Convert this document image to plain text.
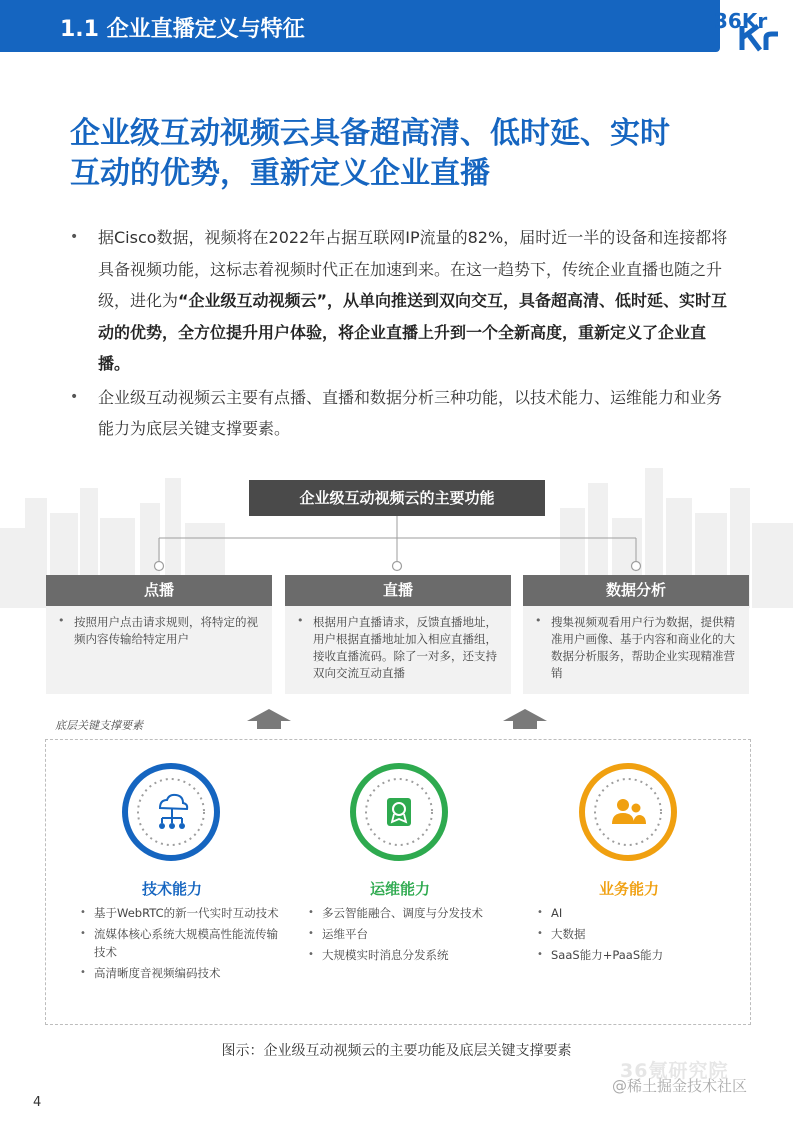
1.1 企业直播定义与特征	36Kr
企业级互动视频云具备超高清、低时延、实时
互动的优势，重新定义企业直播
• 据Cisco数据，视频将在2022年占据互联网IP流量的82%，届时近一半的设备和连接都将具备视频功能，这标志着视频时代正在加速到来。在这一趋势下，传统企业直播也随之升级，进化为“企业级互动视频云”，从单向推送到双向交互，具备超高清、低时延、实时互动的优势，全方位提升用户体验，将企业直播上升到一个全新高度，重新定义了企业直播。
• 企业级互动视频云主要有点播、直播和数据分析三种功能，以技术能力、运维能力和业务能力为底层关键支撑要素。
企业级互动视频云的主要功能
点播
• 按照用户点击请求规则，将特定的视频内容传输给特定用户
直播
• 根据用户直播请求，反馈直播地址，用户根据直播地址加入相应直播组，接收直播流码。除了一对多，还支持双向交流互动直播
数据分析
• 搜集视频观看用户行为数据，提供精准用户画像、基于内容和商业化的大数据分析服务，帮助企业实现精准营销
底层关键支撑要素
技术能力
• 基于WebRTC的新一代实时互动技术
• 流媒体核心系统大规模高性能流传输技术
• 高清晰度音视频编码技术
运维能力
• 多云智能融合、调度与分发技术
• 运维平台
• 大规模实时消息分发系统
业务能力
• AI
• 大数据
• SaaS能力+PaaS能力
图示：企业级互动视频云的主要功能及底层关键支撑要素
36氪研究院
@稀土掘金技术社区
4
